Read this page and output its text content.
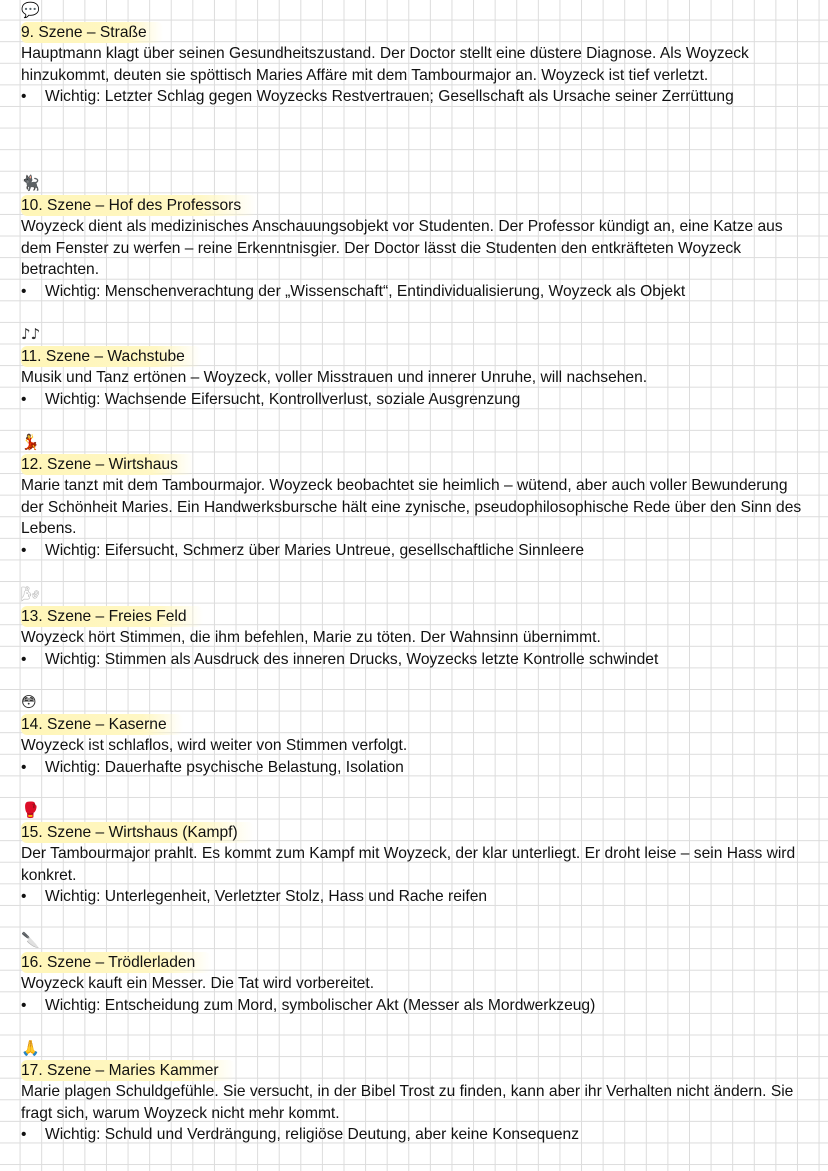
💬
9. Szene – Straße

Hauptmann klagt über seinen Gesundheitszustand. Der Doctor stellt eine düstere Diagnose. Als Woyzeck hinzukommt, deuten sie spöttisch Maries Affäre mit dem Tambourmajor an. Woyzeck ist tief verletzt.

• Wichtig: Letzter Schlag gegen Woyzecks Restvertrauen; Gesellschaft als Ursache seiner Zerrüttung

🐈‍⬛
10. Szene – Hof des Professors

Woyzeck dient als medizinisches Anschauungsobjekt vor Studenten. Der Professor kündigt an, eine Katze aus dem Fenster zu werfen – reine Erkenntnisgier. Der Doctor lässt die Studenten den entkräfteten Woyzeck betrachten.

• Wichtig: Menschenverachtung der „Wissenschaft“, Entindividualisierung, Woyzeck als Objekt

♪♪
11. Szene – Wachstube

Musik und Tanz ertönen – Woyzeck, voller Misstrauen und innerer Unruhe, will nachsehen.

• Wichtig: Wachsende Eifersucht, Kontrollverlust, soziale Ausgrenzung

💃
12. Szene – Wirtshaus

Marie tanzt mit dem Tambourmajor. Woyzeck beobachtet sie heimlich – wütend, aber auch voller Bewunderung der Schönheit Maries. Ein Handwerksbursche hält eine zynische, pseudophilosophische Rede über den Sinn des Lebens.

• Wichtig: Eifersucht, Schmerz über Maries Untreue, gesellschaftliche Sinnleere

🌬
13. Szene – Freies Feld

Woyzeck hört Stimmen, die ihm befehlen, Marie zu töten. Der Wahnsinn übernimmt.

• Wichtig: Stimmen als Ausdruck des inneren Drucks, Woyzecks letzte Kontrolle schwindet

😳
14. Szene – Kaserne

Woyzeck ist schlaflos, wird weiter von Stimmen verfolgt.

• Wichtig: Dauerhafte psychische Belastung, Isolation

🥊
15. Szene – Wirtshaus (Kampf)

Der Tambourmajor prahlt. Es kommt zum Kampf mit Woyzeck, der klar unterliegt. Er droht leise – sein Hass wird konkret.

• Wichtig: Unterlegenheit, Verletzter Stolz, Hass und Rache reifen

🔪
16. Szene – Trödlerladen

Woyzeck kauft ein Messer. Die Tat wird vorbereitet.

• Wichtig: Entscheidung zum Mord, symbolischer Akt (Messer als Mordwerkzeug)

🙏
17. Szene – Maries Kammer

Marie plagen Schuldgefühle. Sie versucht, in der Bibel Trost zu finden, kann aber ihr Verhalten nicht ändern. Sie fragt sich, warum Woyzeck nicht mehr kommt.

• Wichtig: Schuld und Verdrängung, religiöse Deutung, aber keine Konsequenz
